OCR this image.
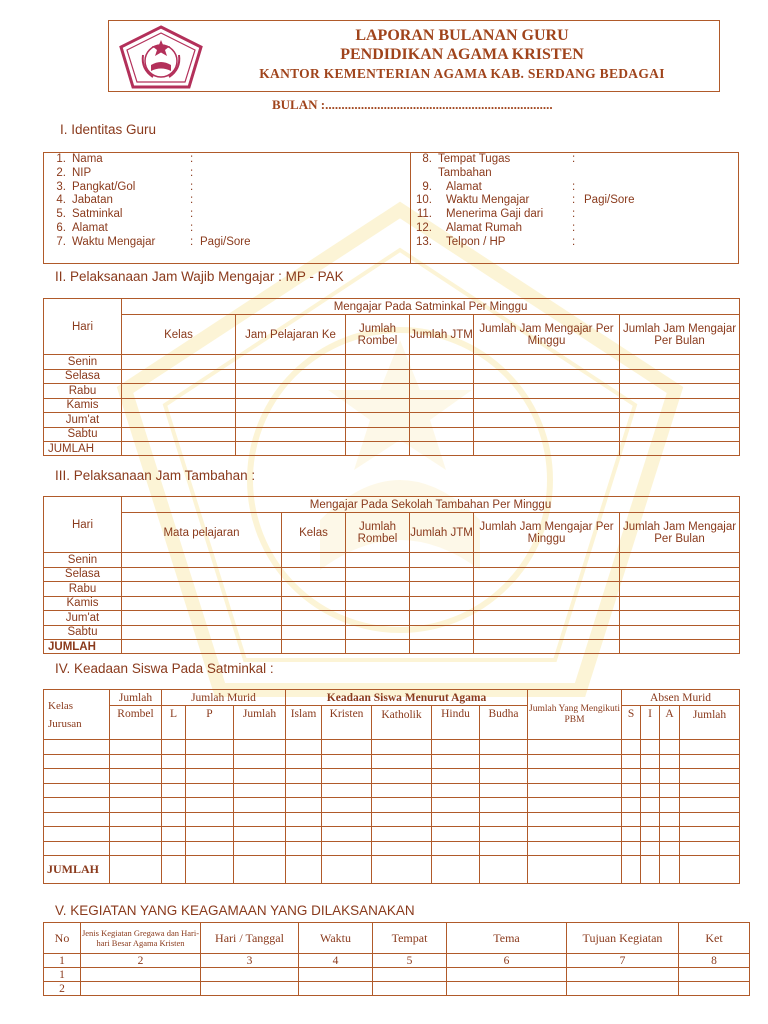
LAPORAN BULANAN GURU
PENDIDIKAN AGAMA KRISTEN
KANTOR KEMENTERIAN AGAMA KAB. SERDANG BEDAGAI
BULAN :......................................................................
I. Identitas Guru
1. Nama	:
2. NIP	:
3. Pangkat/Gol	:
4. Jabatan	:
5. Satminkal	:
6. Alamat	:
7. Waktu Mengajar	: Pagi/Sore
8. Tempat Tugas	:
Tambahan
9. Alamat	:
10. Waktu Mengajar	: Pagi/Sore
11. Menerima Gaji dari	:
12. Alamat Rumah	:
13. Telpon / HP	:
II. Pelaksanaan Jam Wajib Mengajar : MP - PAK
Hari	Mengajar Pada Satminkal Per Minggu					
	Kelas	Jam Pelajaran Ke	Jumlah Rombel	Jumlah JTM	Jumlah Jam Mengajar Per Minggu	Jumlah Jam Mengajar Per Bulan
Senin						
Selasa						
Rabu						
Kamis						
Jum'at						
Sabtu						
JUMLAH						
III. Pelaksanaan Jam Tambahan :
Hari	Mengajar Pada Sekolah Tambahan Per Minggu					
	Mata pelajaran	Kelas	Jumlah Rombel	Jumlah JTM	Jumlah Jam Mengajar Per Minggu	Jumlah Jam Mengajar Per Bulan
Senin						
Selasa						
Rabu						
Kamis						
Jum'at						
Sabtu						
JUMLAH						
IV. Keadaan Siswa Pada Satminkal :
Kelas
Jurusan	Jumlah	Jumlah Murid			Keadaan Siswa Menurut Agama					Jumlah Yang Mengikuti PBM	Absen Murid			
	Rombel	L	P	Jumlah	Islam	Kristen	Katholik	Hindu	Budha		S	I	A	Jumlah

JUMLAH														
V. KEGIATAN YANG KEAGAMAAN YANG DILAKSANAKAN
No	Jenis Kegiatan Gregawa dan Hari-hari Besar Agama Kristen	Hari / Tanggal	Waktu	Tempat	Tema	Tujuan Kegiatan	Ket
1	2	3	4	5	6	7	8
1							
2							
